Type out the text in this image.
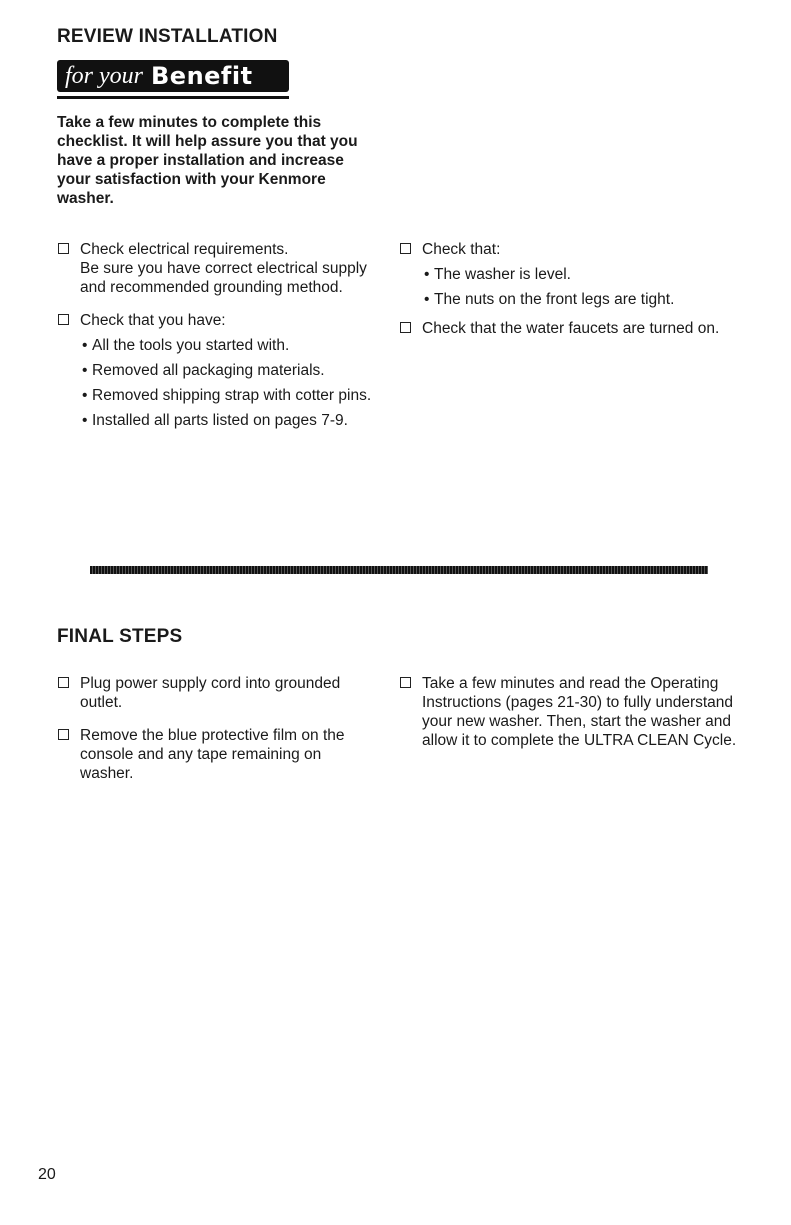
REVIEW INSTALLATION
for your Benefit
Take a few minutes to complete this checklist. It will help assure you that you have a proper installation and increase your satisfaction with your Kenmore washer.

Check electrical requirements.

Be sure you have correct electrical supply and recommended grounding method.

Check that you have:

• All the tools you started with.
• Removed all packaging materials.
• Removed shipping strap with cotter pins.
• Installed all parts listed on pages 7-9.

Check that:

• The washer is level.
• The nuts on the front legs are tight.

Check that the water faucets are turned on.

FINAL STEPS

Plug power supply cord into grounded outlet.

Remove the blue protective film on the console and any tape remaining on washer.

Take a few minutes and read the Operating Instructions (pages 21-30) to fully understand your new washer. Then, start the washer and allow it to complete the ULTRA CLEAN Cycle.

20
